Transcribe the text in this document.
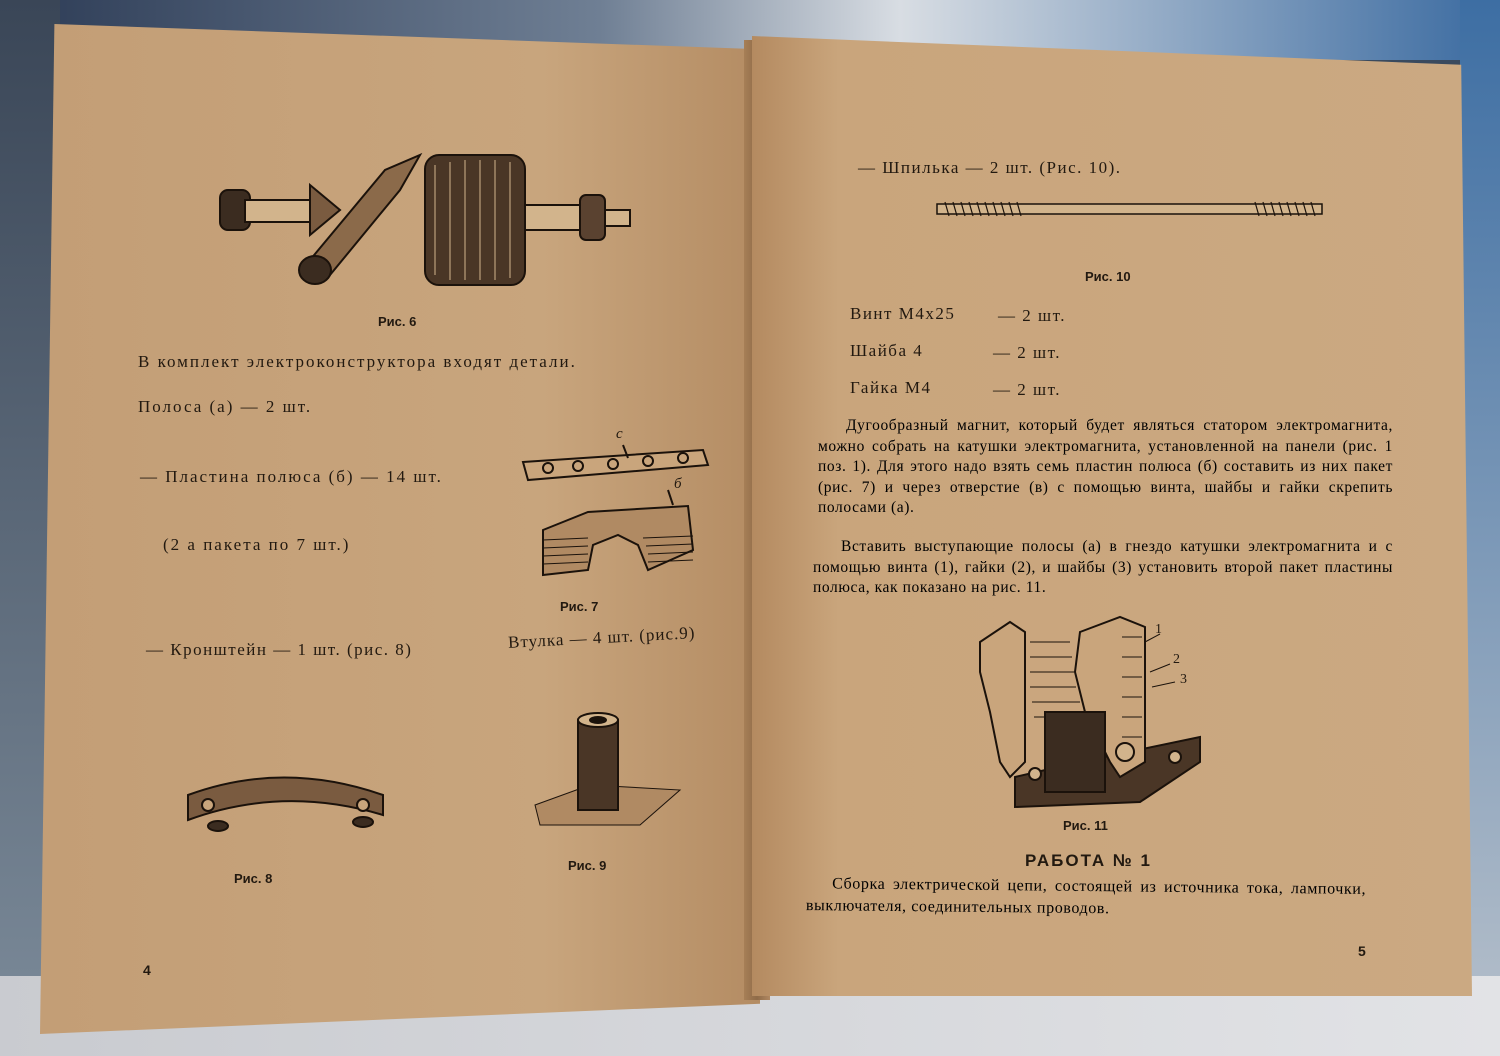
Рис. 6
В комплект электроконструктора входят детали.
Полоса (а) — 2 шт.
— Пластина полюса (б) — 14 шт.
(2 а пакета по 7 шт.)
с
б
Рис. 7
— Кронштейн — 1 шт. (рис. 8)	Втулка — 4 шт. (рис.9)
Рис. 8
Рис. 9
4
— Шпилька — 2 шт. (Рис. 10).
Рис. 10
Винт М4х25	— 2 шт.
Шайба 4	— 2 шт.
Гайка М4	— 2 шт.
Дугообразный магнит, который будет являться статором электромагнита, можно собрать на катушки электромагнита, установленной на панели (рис. 1 поз. 1). Для этого надо взять семь пластин полюса (б) составить из них пакет (рис. 7) и через отверстие (в) с помощью винта, шайбы и гайки скрепить полосами (а).
Вставить выступающие полосы (а) в гнездо катушки электромагнита и с помощью винта (1), гайки (2), и шайбы (3) установить второй пакет пластины полюса, как показано на рис. 11.
1
2
3
Рис. 11
РАБОТА № 1
Сборка электрической цепи, состоящей из источника тока, лампочки, выключателя, соединительных проводов.
5
